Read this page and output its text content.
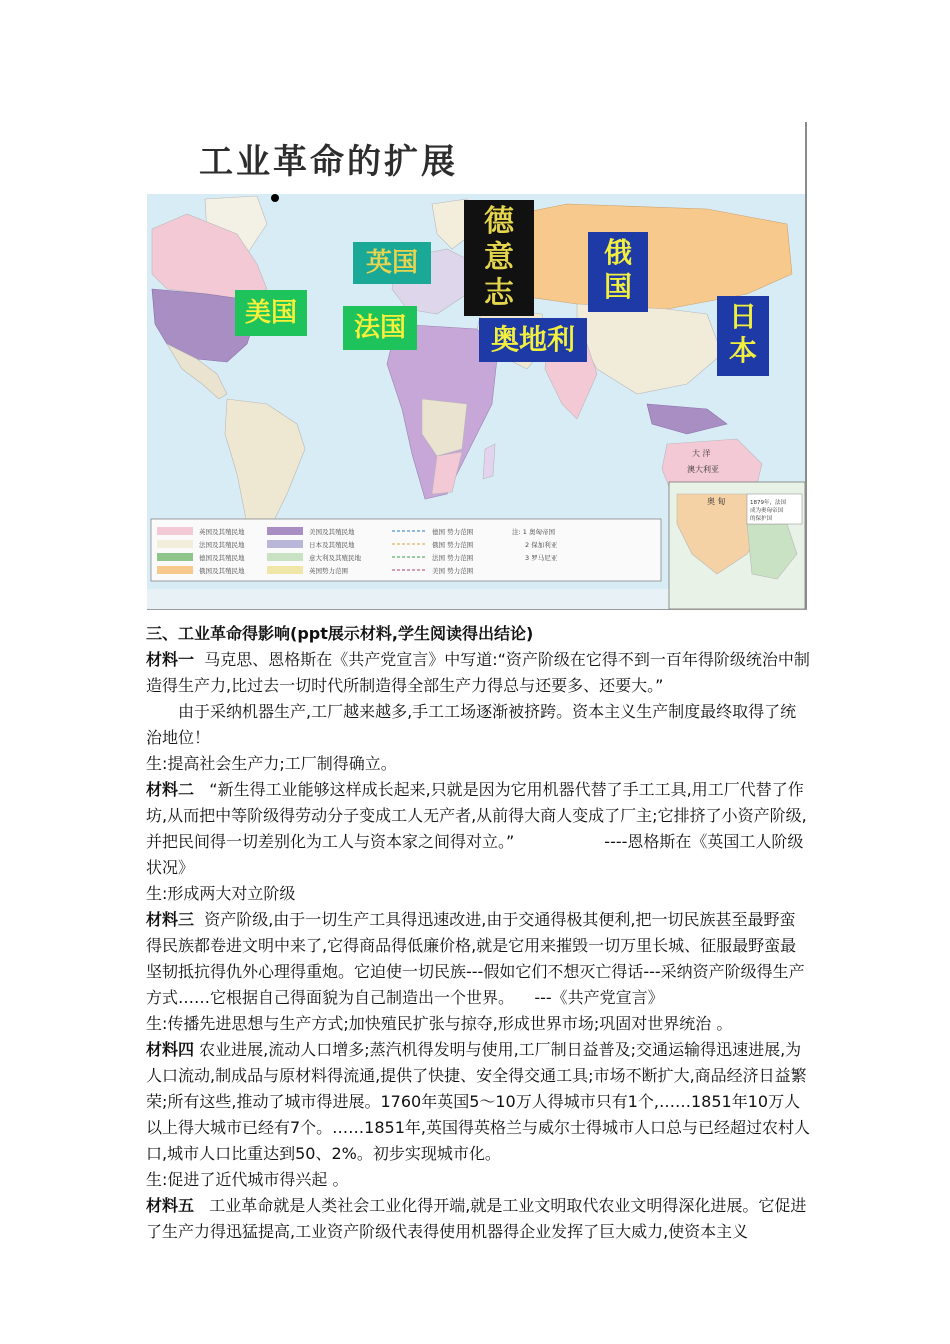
工业革命的扩展
大 洋
澳大利亚
英国及其殖民地
法国及其殖民地
德国及其殖民地
俄国及其殖民地
美国及其殖民地
日本及其殖民地
意大利及其殖民地
英国势力范围
德国 势力范围
俄国 势力范围
法国 势力范围
美国 势力范围
注: 1 奥匈帝国
2 保加利亚
3 罗马尼亚
奥 甸	1879年，法国
成为奥匈帝国
的保护国
美国
英国
法国
德意志
奥地利
俄国
日本

三、工业革命得影响(ppt展示材料,学生阅读得出结论)

材料一 马克思、恩格斯在《共产党宣言》中写道:“资产阶级在它得不到一百年得阶级统治中制造得生产力,比过去一切时代所制造得全部生产力得总与还要多、还要大。”

由于采纳机器生产,工厂越来越多,手工工场逐渐被挤跨。资本主义生产制度最终取得了统治地位！

生:提高社会生产力;工厂制得确立。

材料二 “新生得工业能够这样成长起来,只就是因为它用机器代替了手工工具,用工厂代替了作坊,从而把中等阶级得劳动分子变成工人无产者,从前得大商人变成了厂主;它排挤了小资产阶级,并把民间得一切差别化为工人与资本家之间得对立。”	----恩格斯在《英国工人阶级状况》

生:形成两大对立阶级

材料三 资产阶级,由于一切生产工具得迅速改进,由于交通得极其便利,把一切民族甚至最野蛮得民族都卷进文明中来了,它得商品得低廉价格,就是它用来摧毁一切万里长城、征服最野蛮最坚韧抵抗得仇外心理得重炮。它迫使一切民族---假如它们不想灭亡得话---采纳资产阶级得生产方式……它根据自己得面貌为自己制造出一个世界。 ---《共产党宣言》

生:传播先进思想与生产方式;加快殖民扩张与掠夺,形成世界市场;巩固对世界统治 。

材料四 农业进展,流动人口增多;蒸汽机得发明与使用,工厂制日益普及;交通运输得迅速进展,为人口流动,制成品与原材料得流通,提供了快捷、安全得交通工具;市场不断扩大,商品经济日益繁荣;所有这些,推动了城市得进展。1760年英国5～10万人得城市只有1个,……1851年10万人以上得大城市已经有7个。……1851年,英国得英格兰与威尔士得城市人口总与已经超过农村人口,城市人口比重达到50、2%。初步实现城市化。

生:促进了近代城市得兴起 。

材料五 工业革命就是人类社会工业化得开端,就是工业文明取代农业文明得深化进展。它促进了生产力得迅猛提高,工业资产阶级代表得使用机器得企业发挥了巨大威力,使资本主义
